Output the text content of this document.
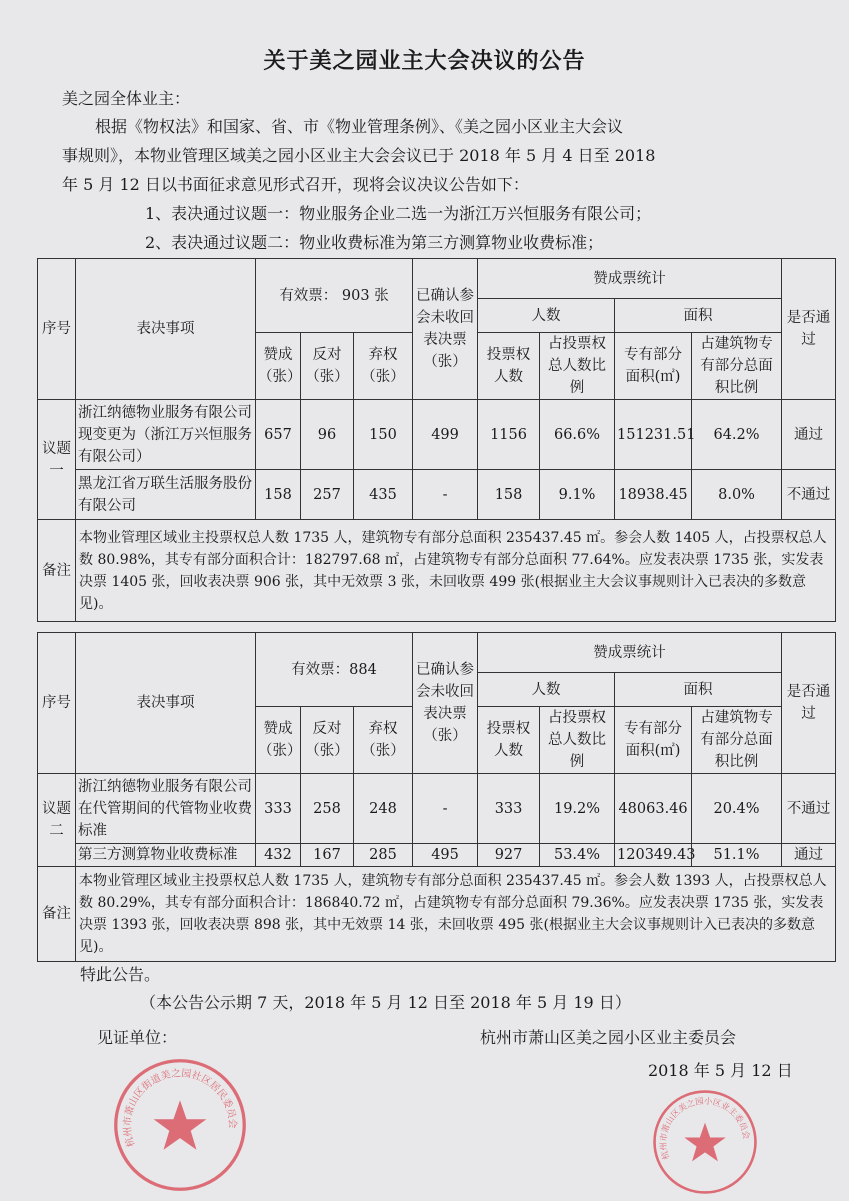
关于美之园业主大会决议的公告
美之园全体业主：
根据《物权法》和国家、省、市《物业管理条例》、《美之园小区业主大会议
事规则》，本物业管理区域美之园小区业主大会会议已于 2018 年 5 月 4 日至 2018
年 5 月 12 日以书面征求意见形式召开，现将会议决议公告如下：
1、表决通过议题一：物业服务企业二选一为浙江万兴恒服务有限公司；
2、表决通过议题二：物业收费标准为第三方测算物业收费标准；
序号	表决事项	有效票： 903 张			已确认参会未收回表决票（张）	赞成票统计				是否通过
						人数		面积		
		赞成（张）	反对（张）	弃权（张）		投票权人数	占投票权总人数比例	专有部分面积(㎡)	占建筑物专有部分总面积比例	
议题一	浙江纳德物业服务有限公司现变更为（浙江万兴恒服务有限公司）	657	96	150	499	1156	66.6%	151231.51	64.2%	通过
	黑龙江省万联生活服务股份有限公司	158	257	435	-	158	9.1%	18938.45	8.0%	不通过
备注	本物业管理区域业主投票权总人数 1735 人，建筑物专有部分总面积 235437.45 ㎡。参会人数 1405 人，占投票权总人数 80.98%，其专有部分面积合计：182797.68 ㎡，占建筑物专有部分总面积 77.64%。应发表决票 1735 张，实发表决票 1405 张，回收表决票 906 张，其中无效票 3 张，未回收票 499 张(根据业主大会议事规则计入已表决的多数意见)。									
序号	表决事项	有效票：884			已确认参会未收回表决票（张）	赞成票统计				是否通过
						人数		面积		
		赞成（张）	反对（张）	弃权（张）		投票权人数	占投票权总人数比例	专有部分面积(㎡)	占建筑物专有部分总面积比例	
议题二	浙江纳德物业服务有限公司在代管期间的代管物业收费标准	333	258	248	-	333	19.2%	48063.46	20.4%	不通过
	第三方测算物业收费标准	432	167	285	495	927	53.4%	120349.43	51.1%	通过
备注	本物业管理区域业主投票权总人数 1735 人，建筑物专有部分总面积 235437.45 ㎡。参会人数 1393 人，占投票权总人数 80.29%，其专有部分面积合计：186840.72 ㎡，占建筑物专有部分总面积 79.36%。应发表决票 1735 张，实发表决票 1393 张，回收表决票 898 张，其中无效票 14 张，未回收票 495 张(根据业主大会议事规则计入已表决的多数意见)。									
特此公告。
（本公告公示期 7 天，2018 年 5 月 12 日至 2018 年 5 月 19 日）
见证单位：	杭州市萧山区美之园小区业主委员会
2018 年 5 月 12 日
杭州市萧山区街道美之园社区居民委员会
杭州市萧山区美之园小区业主委员会
